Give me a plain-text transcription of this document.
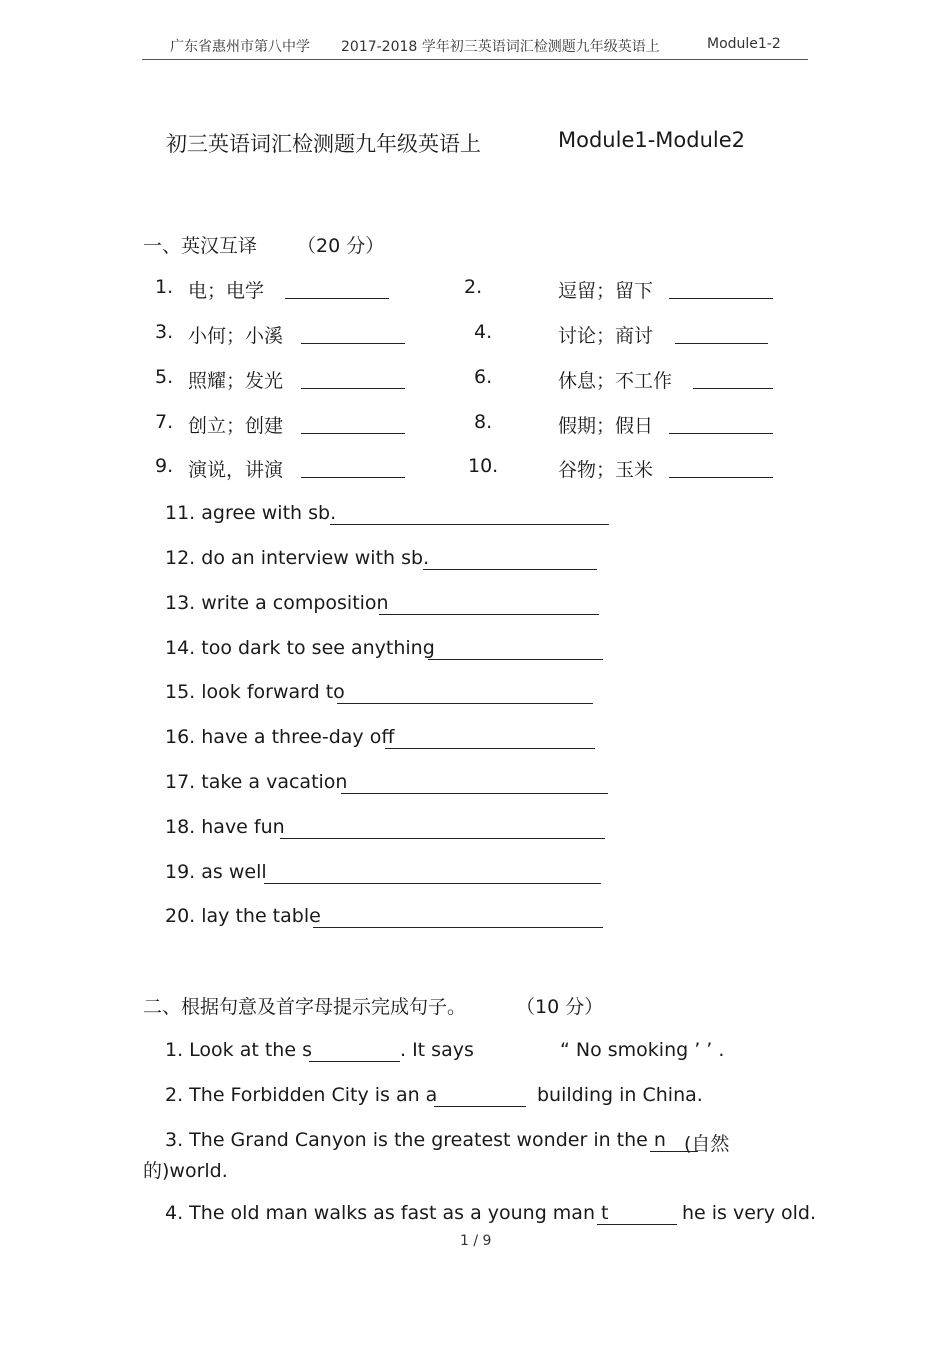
广东省惠州市第八中学 2017-2018 学年初三英语词汇检测题九年级英语上	Module1-2
初三英语词汇检测题九年级英语上	Module1-Module2
一、英汉互译 （20 分）
1. 电；电学	2.	逗留；留下
3. 小何；小溪	4.	讨论；商讨
5. 照耀；发光	6.	休息；不工作
7. 创立；创建	8.	假期；假日
9. 演说，讲演	10.	谷物；玉米
11. agree with sb.
12. do an interview with sb.
13. write a composition
14. too dark to see anything
15. look forward to
16. have a three-day off
17. take a vacation
18. have fun
19. as well
20. lay the table
二、根据句意及首字母提示完成句子。	（10 分）
1. Look at the s	. It says	“ No smoking ’ ’ .
2. The Forbidden City is an a	building in China.
3. The Grand Canyon is the greatest wonder in the n (自然
的)world.
4. The old man walks as fast as a young man t	he is very old.
1 / 9
